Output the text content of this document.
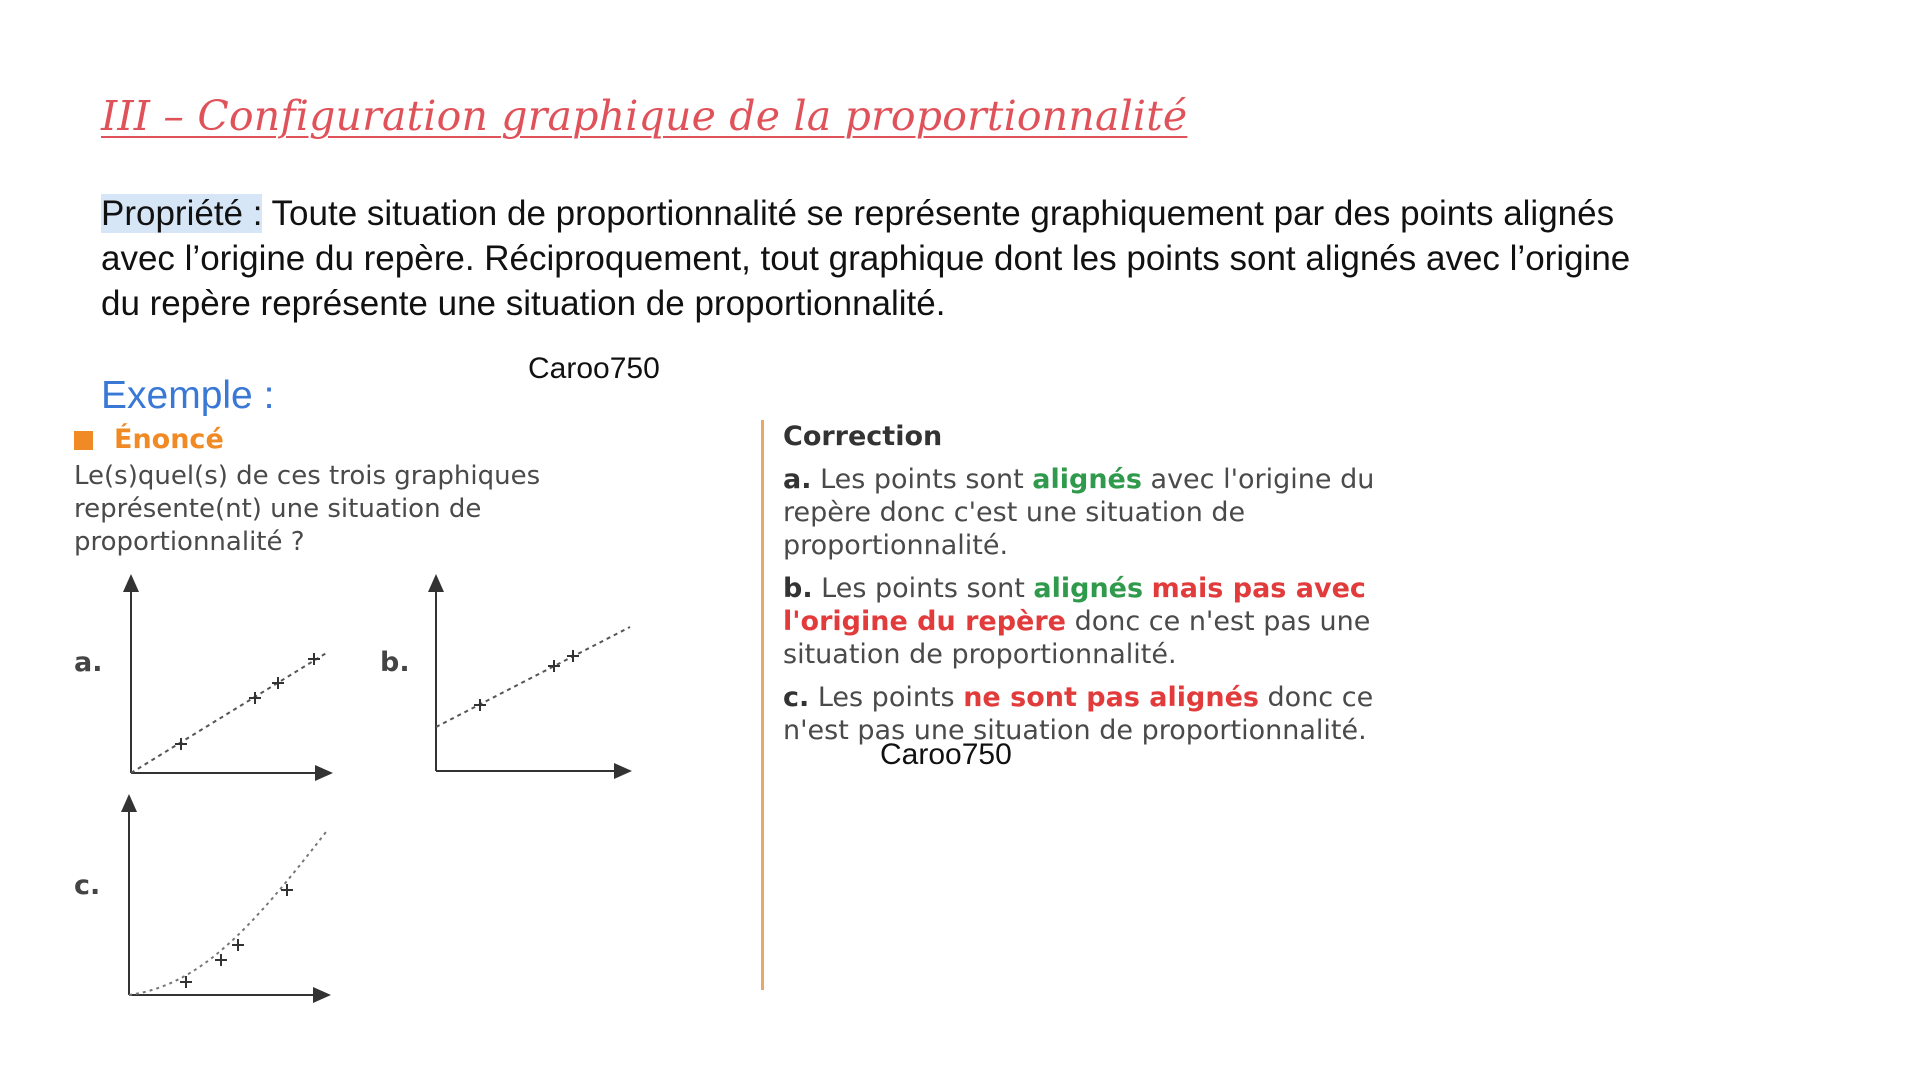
III – Configuration graphique de la proportionnalité
Propriété : Toute situation de proportionnalité se représente graphiquement par des points alignés avec l’origine du repère. Réciproquement, tout graphique dont les points sont alignés avec l’origine du repère représente une situation de proportionnalité.
Caroo750
Exemple :
Énoncé
Le(s)quel(s) de ces trois graphiques représente(nt) une situation de proportionnalité ?
a.	b.
c.
Correction
a. Les points sont alignés avec l'origine du repère donc c'est une situation de proportionnalité.
b. Les points sont alignés mais pas avec l'origine du repère donc ce n'est pas une situation de proportionnalité.
c. Les points ne sont pas alignés donc ce n'est pas une situation de proportionnalité.
Caroo750
